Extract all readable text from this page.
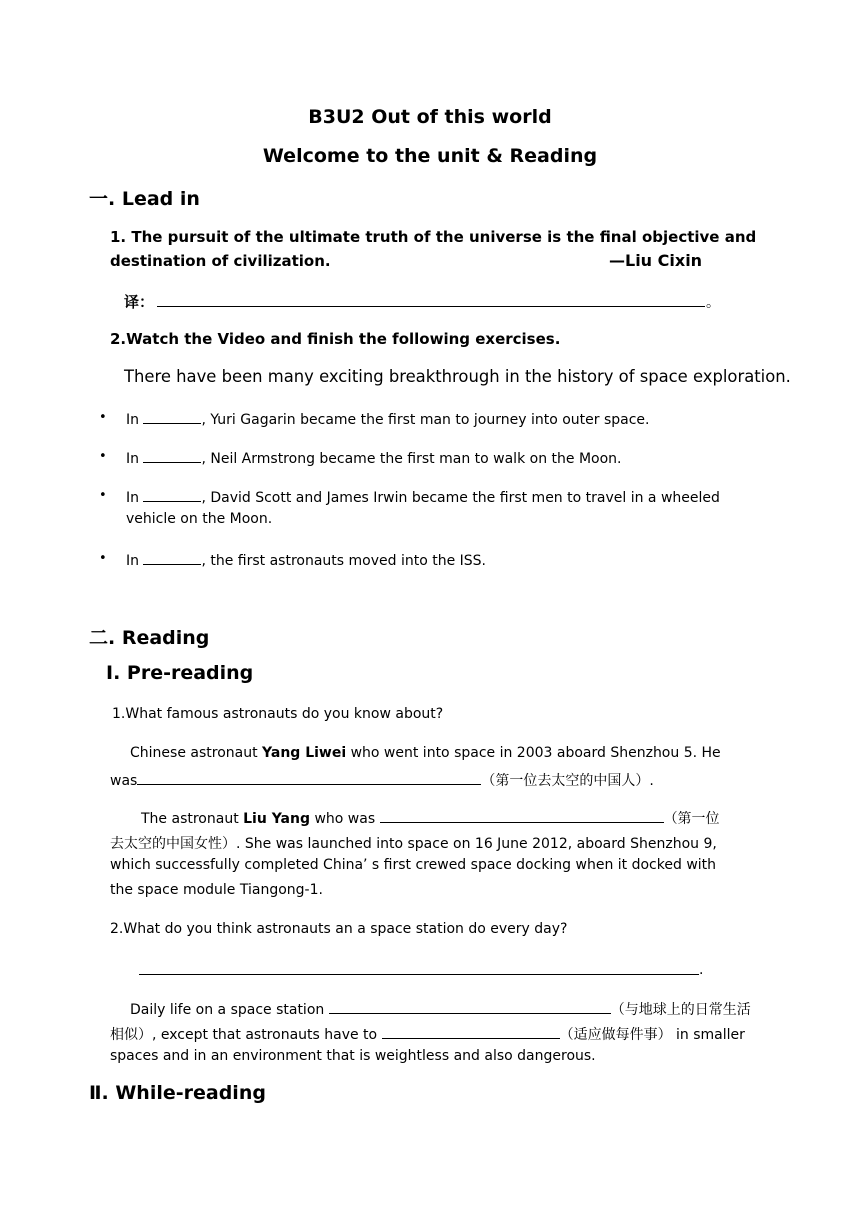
B3U2 Out of this world
Welcome to the unit & Reading
一. Lead in
1. The pursuit of the ultimate truth of the universe is the final objective and
destination of civilization.	—Liu Cixin
译：	。
2.Watch the Video and finish the following exercises.
There have been many exciting breakthrough in the history of space exploration.
• In	, Yuri Gagarin became the first man to journey into outer space.
• In	, Neil Armstrong became the first man to walk on the Moon.
• In	, David Scott and James Irwin became the first men to travel in a wheeled
vehicle on the Moon.
• In	, the first astronauts moved into the ISS.
二. Reading
Ⅰ. Pre-reading
1.What famous astronauts do you know about?
Chinese astronaut Yang Liwei who went into space in 2003 aboard Shenzhou 5. He
was	（第一位去太空的中国人）.
The astronaut Liu Yang who was	（第一位
去太空的中国女性）. She was launched into space on 16 June 2012, aboard Shenzhou 9,
which successfully completed China’ s first crewed space docking when it docked with
the space module Tiangong-1.
2.What do you think astronauts an a space station do every day?
.
Daily life on a space station	（与地球上的日常生活
相似）, except that astronauts have to	（适应做每件事） in smaller
spaces and in an environment that is weightless and also dangerous.
Ⅱ. While-reading
